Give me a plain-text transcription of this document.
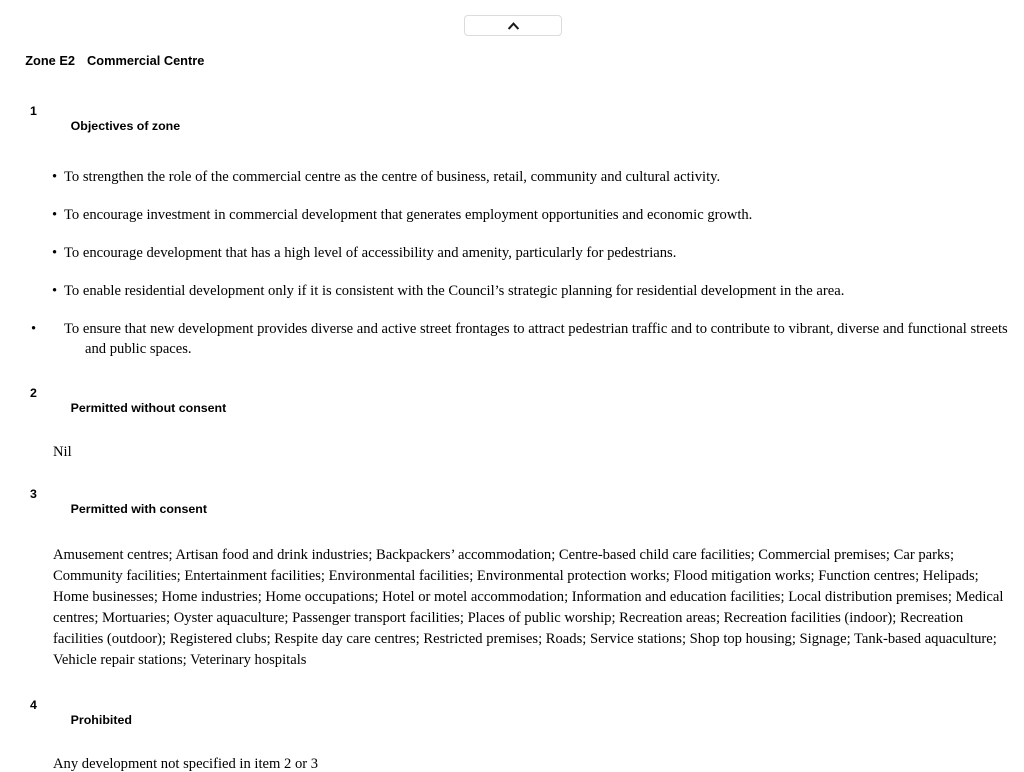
Zone E2 Commercial Centre

1
Objectives of zone

• To strengthen the role of the commercial centre as the centre of business, retail, community and cultural activity.
• To encourage investment in commercial development that generates employment opportunities and economic growth.
• To encourage development that has a high level of accessibility and amenity, particularly for pedestrians.
• To enable residential development only if it is consistent with the Council’s strategic planning for residential development in the area.
•	To ensure that new development provides diverse and active street frontages to attract pedestrian traffic and to contribute to vibrant, diverse and functional streets and public spaces.

2
Permitted without consent

Nil

3
Permitted with consent

Amusement centres; Artisan food and drink industries; Backpackers’ accommodation; Centre-based child care facilities; Commercial premises; Car parks; Community facilities; Entertainment facilities; Environmental facilities; Environmental protection works; Flood mitigation works; Function centres; Helipads; Home businesses; Home industries; Home occupations; Hotel or motel accommodation; Information and education facilities; Local distribution premises; Medical centres; Mortuaries; Oyster aquaculture; Passenger transport facilities; Places of public worship; Recreation areas; Recreation facilities (indoor); Recreation facilities (outdoor); Registered clubs; Respite day care centres; Restricted premises; Roads; Service stations; Shop top housing; Signage; Tank-based aquaculture; Vehicle repair stations; Veterinary hospitals

4
Prohibited

Any development not specified in item 2 or 3
